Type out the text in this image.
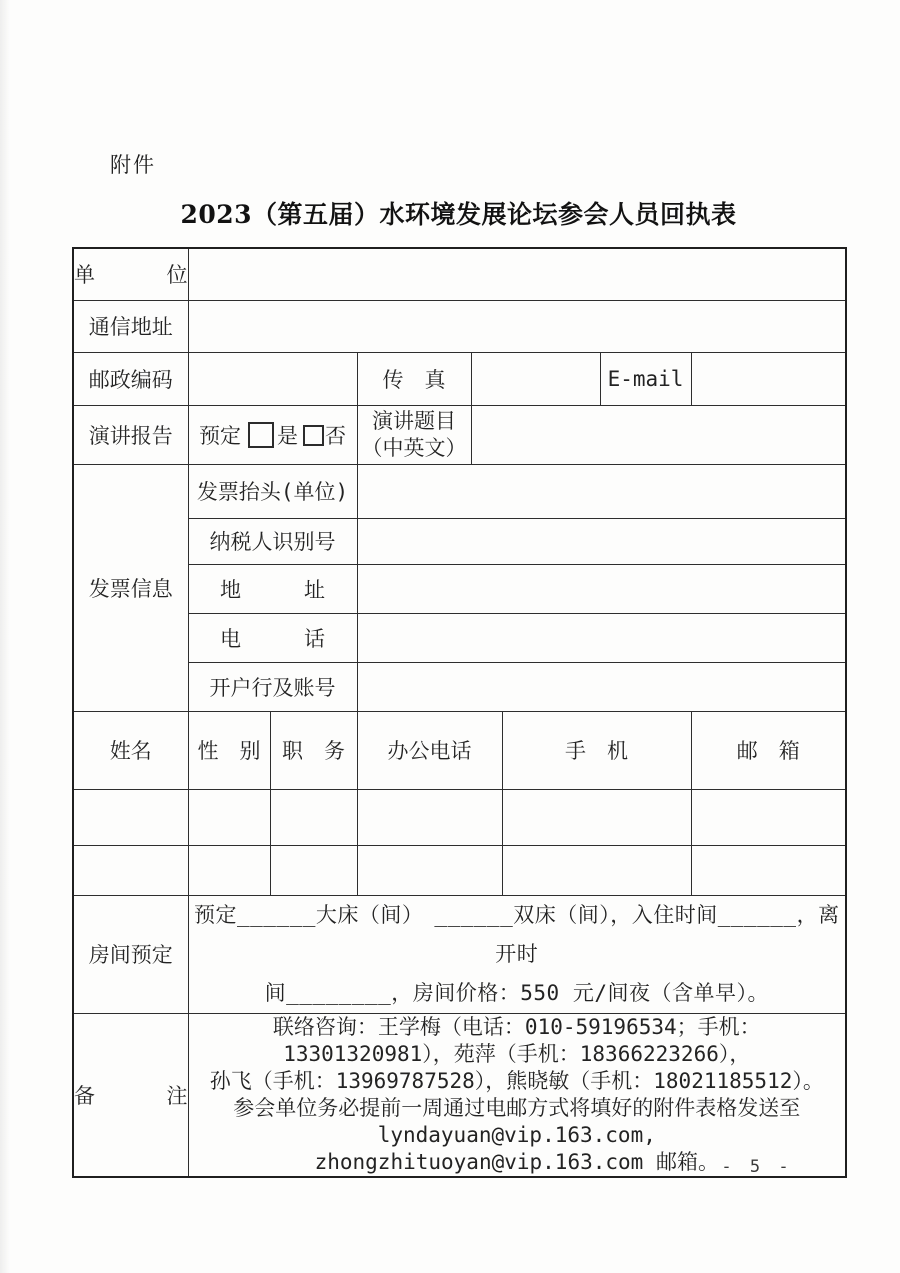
附件
2023（第五届）水环境发展论坛参会人员回执表
单位							
通信地址							
邮政编码			传　真			E-mail	
演讲报告	预定 是 否		演讲题目
（中英文）				

发票信息	发票抬头(单位)						
	纳税人识别号						
	地　　　址						
	电　　　话						
	开户行及账号						
姓名	性　别	职　务	办公电话		手　机		邮　箱

房间预定	预定______大床（间）　______双床（间），入住时间______，离开时
间________，房间价格：550 元/间夜（含单早）。						

备注	联络咨询：王学梅（电话：010-59196534；手机：13301320981），苑萍（手机：18366223266），
孙飞（手机：13969787528），熊晓敏（手机：18021185512）。
参会单位务必提前一周通过电邮方式将填好的附件表格发送至 lyndayuan@vip.163.com,
zhongzhituoyan@vip.163.com 邮箱。						- 5 -
